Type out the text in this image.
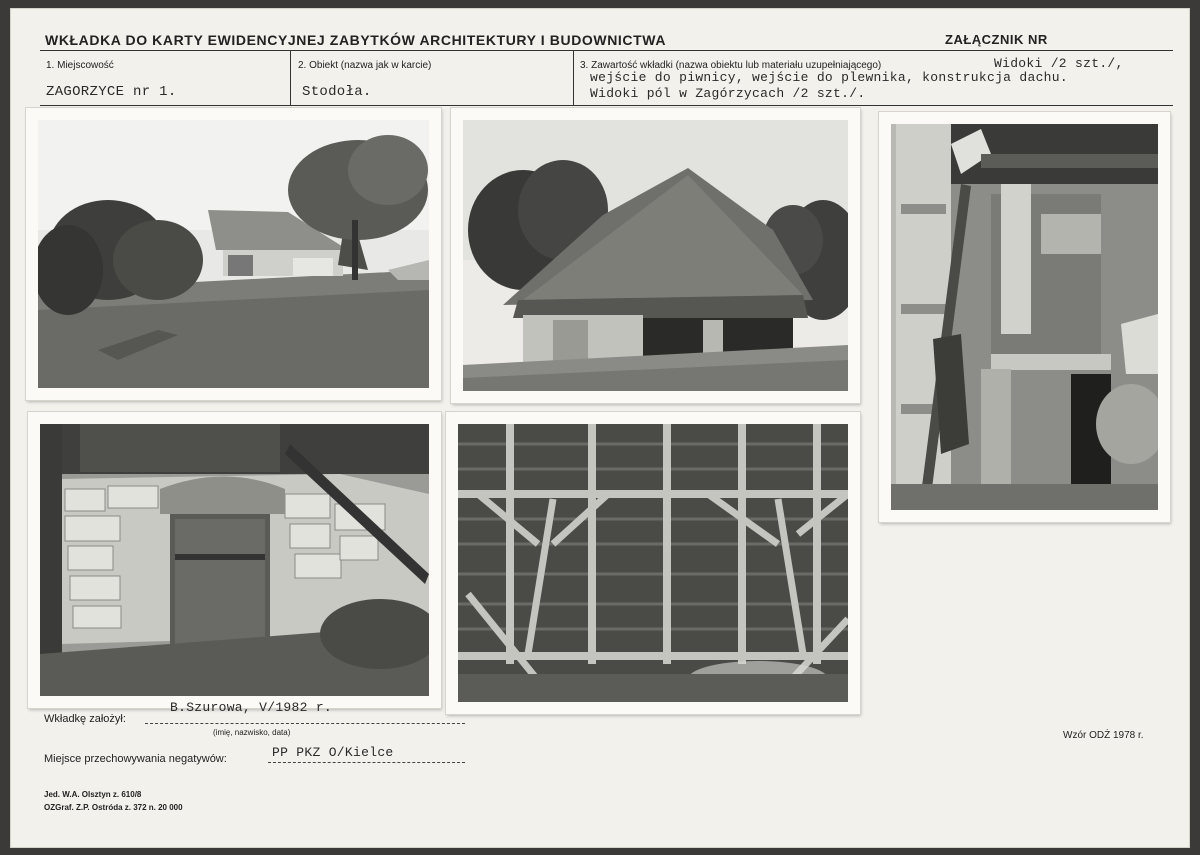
WKŁADKA DO KARTY EWIDENCYJNEJ ZABYTKÓW ARCHITEKTURY I BUDOWNICTWA	ZAŁĄCZNIK NR
1. Miejscowość
ZAGORZYCE nr 1.
2. Obiekt (nazwa jak w karcie)
Stodoła.
3. Zawartość wkładki (nazwa obiektu lub materiału uzupełniającego)	Widoki /2 szt./,
wejście do piwnicy, wejście do plewnika, konstrukcja dachu.
Widoki pól w Zagórzycach /2 szt./.
Wkładkę założył:
B.Szurowa, V/1982 r.
(imię, nazwisko, data)
Miejsce przechowywania negatywów:	PP PKZ O/Kielce
Wzór ODŻ 1978 r.
Jed. W.A. Olsztyn z. 610/8
OZGraf. Z.P. Ostróda z. 372 n. 20 000
